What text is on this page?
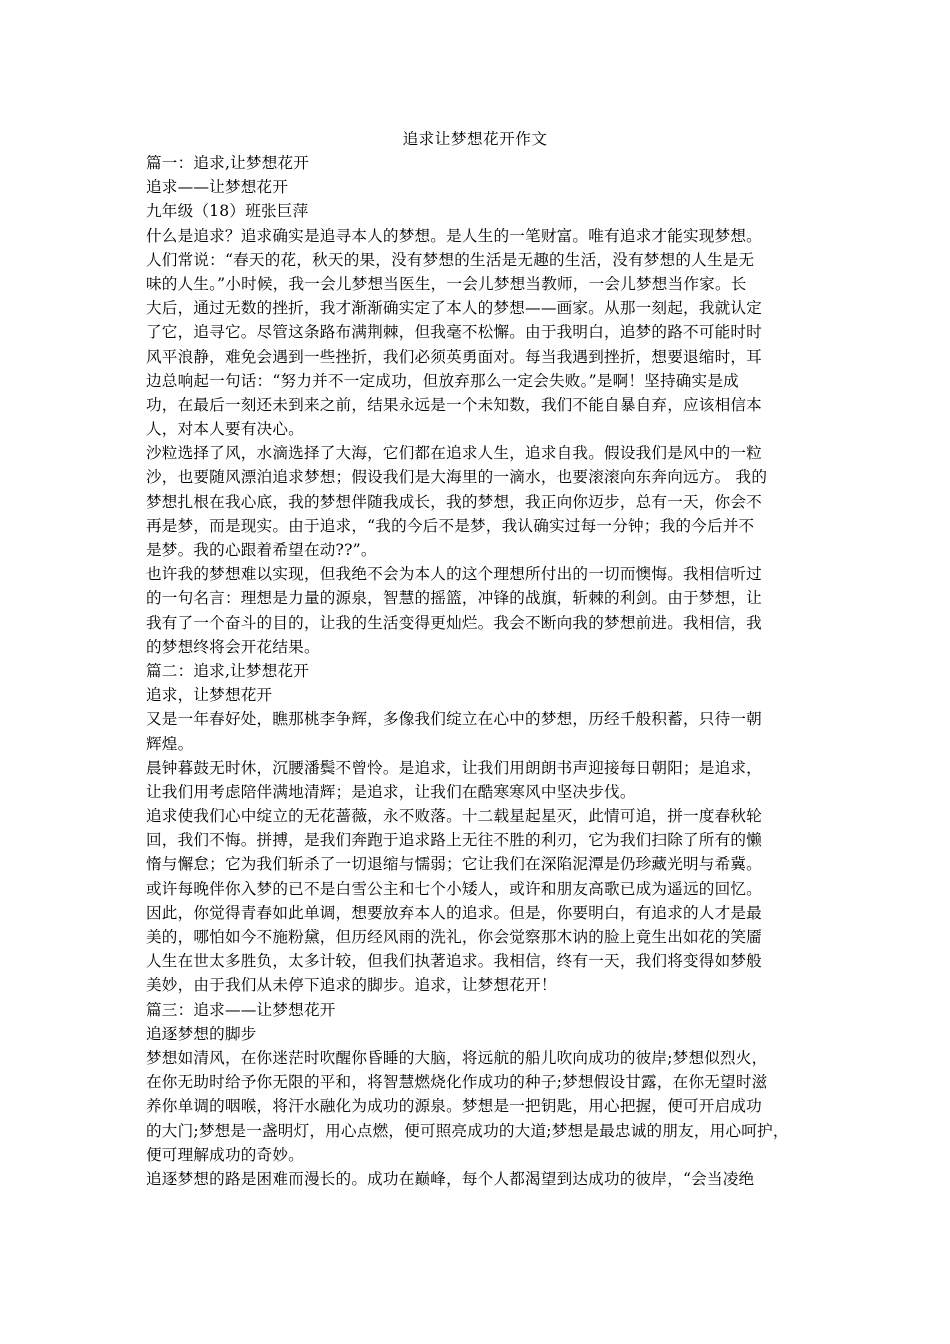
追求让梦想花开作文
篇一：追求,让梦想花开
追求——让梦想花开
九年级（18）班张巨萍
什么是追求？追求确实是追寻本人的梦想。是人生的一笔财富。唯有追求才能实现梦想。
人们常说：“春天的花，秋天的果，没有梦想的生活是无趣的生活，没有梦想的人生是无
味的人生。”小时候，我一会儿梦想当医生，一会儿梦想当教师，一会儿梦想当作家。长
大后，通过无数的挫折，我才渐渐确实定了本人的梦想——画家。从那一刻起，我就认定
了它，追寻它。尽管这条路布满荆棘，但我毫不松懈。由于我明白，追梦的路不可能时时
风平浪静，难免会遇到一些挫折，我们必须英勇面对。每当我遇到挫折，想要退缩时，耳
边总响起一句话：“努力并不一定成功，但放弃那么一定会失败。”是啊！坚持确实是成
功，在最后一刻还未到来之前，结果永远是一个未知数，我们不能自暴自弃，应该相信本
人，对本人要有决心。
沙粒选择了风，水滴选择了大海，它们都在追求人生，追求自我。假设我们是风中的一粒
沙，也要随风漂泊追求梦想；假设我们是大海里的一滴水，也要滚滚向东奔向远方。 我的
梦想扎根在我心底，我的梦想伴随我成长，我的梦想，我正向你迈步，总有一天，你会不
再是梦，而是现实。由于追求，“我的今后不是梦，我认确实过每一分钟；我的今后并不
是梦。我的心跟着希望在动??”。
也许我的梦想难以实现，但我绝不会为本人的这个理想所付出的一切而懊悔。我相信听过
的一句名言：理想是力量的源泉，智慧的摇篮，冲锋的战旗，斩棘的利剑。由于梦想，让
我有了一个奋斗的目的，让我的生活变得更灿烂。我会不断向我的梦想前进。我相信，我
的梦想终将会开花结果。
篇二：追求,让梦想花开
追求，让梦想花开
又是一年春好处，瞧那桃李争辉，多像我们绽立在心中的梦想，历经千般积蓄，只待一朝
辉煌。
晨钟暮鼓无时休，沉腰潘鬓不曾怜。是追求，让我们用朗朗书声迎接每日朝阳；是追求，
让我们用考虑陪伴满地清辉；是追求，让我们在酷寒寒风中坚决步伐。
追求使我们心中绽立的无花蔷薇，永不败落。十二载星起星灭，此情可追，拼一度春秋轮
回，我们不悔。拼搏，是我们奔跑于追求路上无往不胜的利刃，它为我们扫除了所有的懒
惰与懈怠；它为我们斩杀了一切退缩与懦弱；它让我们在深陷泥潭是仍珍藏光明与希冀。
或许每晚伴你入梦的已不是白雪公主和七个小矮人，或许和朋友高歌已成为遥远的回忆。
因此，你觉得青春如此单调，想要放弃本人的追求。但是，你要明白，有追求的人才是最
美的，哪怕如今不施粉黛，但历经风雨的洗礼，你会觉察那木讷的脸上竟生出如花的笑靥
人生在世太多胜负，太多计较，但我们执著追求。我相信，终有一天，我们将变得如梦般
美妙，由于我们从未停下追求的脚步。追求，让梦想花开！
篇三：追求——让梦想花开
追逐梦想的脚步
梦想如清风，在你迷茫时吹醒你昏睡的大脑，将远航的船儿吹向成功的彼岸;梦想似烈火，
在你无助时给予你无限的平和，将智慧燃烧化作成功的种子;梦想假设甘露，在你无望时滋
养你单调的咽喉，将汗水融化为成功的源泉。梦想是一把钥匙，用心把握，便可开启成功
的大门;梦想是一盏明灯，用心点燃，便可照亮成功的大道;梦想是最忠诚的朋友，用心呵护，
便可理解成功的奇妙。
追逐梦想的路是困难而漫长的。成功在巅峰，每个人都渴望到达成功的彼岸，“会当凌绝
